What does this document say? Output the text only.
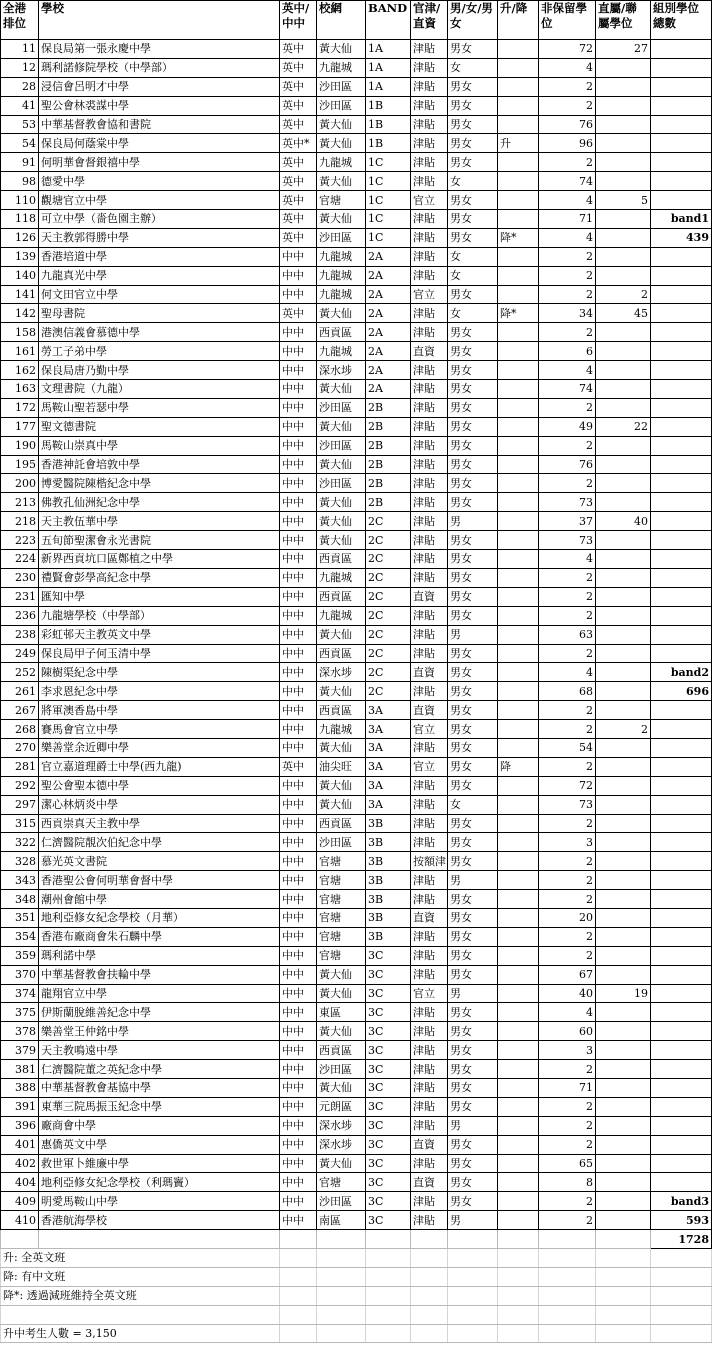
全港排位	學校	英中/中中	校網	BAND	官津/直資	男/女/男女	升/降	非保留學位	直屬/聯屬學位	組別學位總數
11	保良局第一張永慶中學	英中	黃大仙	1A	津貼	男女		72	27	
12	瑪利諾修院學校（中學部）	英中	九龍城	1A	津貼	女		4		
28	浸信會呂明才中學	英中	沙田區	1A	津貼	男女		2		
41	聖公會林裘謀中學	英中	沙田區	1B	津貼	男女		2		
53	中華基督教會協和書院	英中	黃大仙	1B	津貼	男女		76		
54	保良局何蔭棠中學	英中*	黃大仙	1B	津貼	男女	升	96		
91	何明華會督銀禧中學	英中	九龍城	1C	津貼	男女		2		
98	德愛中學	英中	黃大仙	1C	津貼	女		74		
110	觀塘官立中學	英中	官塘	1C	官立	男女		4	5	
118	可立中學（嗇色園主辦）	英中	黃大仙	1C	津貼	男女		71		band1
126	天主教郭得勝中學	英中	沙田區	1C	津貼	男女	降*	4		439
139	香港培道中學	中中	九龍城	2A	津貼	女		2		
140	九龍真光中學	中中	九龍城	2A	津貼	女		2		
141	何文田官立中學	中中	九龍城	2A	官立	男女		2	2	
142	聖母書院	英中	黃大仙	2A	津貼	女	降*	34	45	
158	港澳信義會慕德中學	中中	西貢區	2A	津貼	男女		2		
161	勞工子弟中學	中中	九龍城	2A	直資	男女		6		
162	保良局唐乃勤中學	中中	深水埗	2A	津貼	男女		4		
163	文理書院（九龍）	中中	黃大仙	2A	津貼	男女		74		
172	馬鞍山聖若瑟中學	中中	沙田區	2B	津貼	男女		2		
177	聖文德書院	中中	黃大仙	2B	津貼	男女		49	22	
190	馬鞍山崇真中學	中中	沙田區	2B	津貼	男女		2		
195	香港神託會培敦中學	中中	黃大仙	2B	津貼	男女		76		
200	博愛醫院陳楷紀念中學	中中	沙田區	2B	津貼	男女		2		
213	佛教孔仙洲紀念中學	中中	黃大仙	2B	津貼	男女		73		
218	天主教伍華中學	中中	黃大仙	2C	津貼	男		37	40	
223	五旬節聖潔會永光書院	中中	黃大仙	2C	津貼	男女		73		
224	新界西貢坑口區鄭植之中學	中中	西貢區	2C	津貼	男女		4		
230	禮賢會彭學高紀念中學	中中	九龍城	2C	津貼	男女		2		
231	匯知中學	中中	西貢區	2C	直資	男女		2		
236	九龍塘學校（中學部）	中中	九龍城	2C	津貼	男女		2		
238	彩虹邨天主教英文中學	中中	黃大仙	2C	津貼	男		63		
249	保良局甲子何玉清中學	中中	西貢區	2C	津貼	男女		2		
252	陳樹渠紀念中學	中中	深水埗	2C	直資	男女		4		band2
261	李求恩紀念中學	中中	黃大仙	2C	津貼	男女		68		696
267	將軍澳香島中學	中中	西貢區	3A	直資	男女		2		
268	賽馬會官立中學	中中	九龍城	3A	官立	男女		2	2	
270	樂善堂余近卿中學	中中	黃大仙	3A	津貼	男女		54		
281	官立嘉道理爵士中學(西九龍)	英中	油尖旺	3A	官立	男女	降	2		
292	聖公會聖本德中學	中中	黃大仙	3A	津貼	男女		72		
297	潔心林炳炎中學	中中	黃大仙	3A	津貼	女		73		
315	西貢崇真天主教中學	中中	西貢區	3B	津貼	男女		2		
322	仁濟醫院靚次伯紀念中學	中中	沙田區	3B	津貼	男女		3		
328	慕光英文書院	中中	官塘	3B	按額津	男女		2		
343	香港聖公會何明華會督中學	中中	官塘	3B	津貼	男		2		
348	潮州會館中學	中中	官塘	3B	津貼	男女		2		
351	地利亞修女紀念學校（月華）	中中	官塘	3B	直資	男女		20		
354	香港布廠商會朱石麟中學	中中	官塘	3B	津貼	男女		2		
359	瑪利諾中學	中中	官塘	3C	津貼	男女		2		
370	中華基督教會扶輪中學	中中	黃大仙	3C	津貼	男女		67		
374	龍翔官立中學	中中	黃大仙	3C	官立	男		40	19	
375	伊斯蘭脫維善紀念中學	中中	東區	3C	津貼	男女		4		
378	樂善堂王仲銘中學	中中	黃大仙	3C	津貼	男女		60		
379	天主教鳴遠中學	中中	西貢區	3C	津貼	男女		3		
381	仁濟醫院董之英紀念中學	中中	沙田區	3C	津貼	男女		2		
388	中華基督教會基協中學	中中	黃大仙	3C	津貼	男女		71		
391	東華三院馬振玉紀念中學	中中	元朗區	3C	津貼	男女		2		
396	廠商會中學	中中	深水埗	3C	津貼	男		2		
401	惠僑英文中學	中中	深水埗	3C	直資	男女		2		
402	救世軍卜維廉中學	中中	黃大仙	3C	津貼	男女		65		
404	地利亞修女紀念學校（利瑪竇）	中中	官塘	3C	直資	男女		8		
409	明愛馬鞍山中學	中中	沙田區	3C	津貼	男女		2		band3
410	香港航海學校	中中	南區	3C	津貼	男		2		593
										1728
升: 全英文班										
降: 有中文班										
降*: 透過減班維持全英文班										

升中考生人數 = 3,150										
